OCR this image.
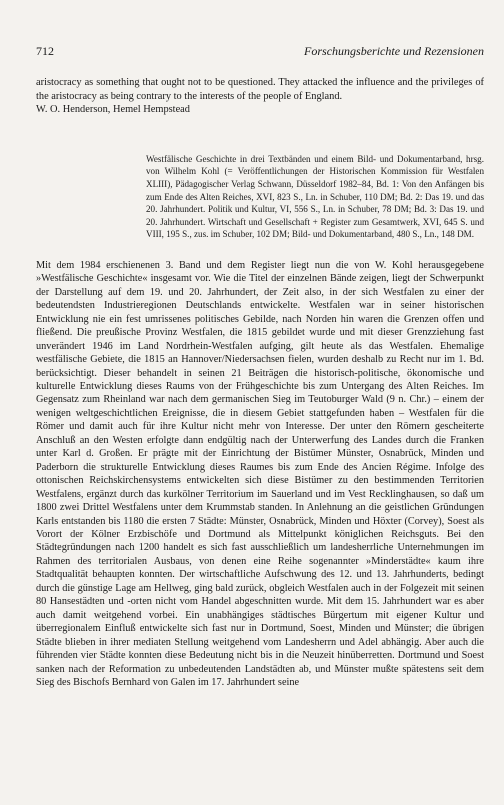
712	Forschungsberichte und Rezensionen

aristocracy as something that ought not to be questioned. They attacked the influence and the privileges of the aristocracy as being contrary to the interests of the people of England.

W. O. Henderson, Hemel Hempstead

Westfälische Geschichte in drei Textbänden und einem Bild- und Dokumentarband, hrsg. von Wilhelm Kohl (= Veröffentlichungen der Historischen Kommission für Westfalen XLIII), Pädagogischer Verlag Schwann, Düsseldorf 1982–84, Bd. 1: Von den Anfängen bis zum Ende des Alten Reiches, XVI, 823 S., Ln. in Schuber, 110 DM; Bd. 2: Das 19. und das 20. Jahrhundert. Politik und Kultur, VI, 556 S., Ln. in Schuber, 78 DM; Bd. 3: Das 19. und 20. Jahrhundert. Wirtschaft und Gesellschaft + Register zum Gesamtwerk, XVI, 645 S. und VIII, 195 S., zus. im Schuber, 102 DM; Bild- und Dokumentarband, 480 S., Ln., 148 DM.

Mit dem 1984 erschienenen 3. Band und dem Register liegt nun die von W. Kohl herausgegebene »Westfälische Geschichte« insgesamt vor. Wie die Titel der einzelnen Bände zeigen, liegt der Schwerpunkt der Darstellung auf dem 19. und 20. Jahrhundert, der Zeit also, in der sich Westfalen zu einer der bedeutendsten Industrieregionen Deutschlands entwickelte. Westfalen war in seiner historischen Entwicklung nie ein fest umrissenes politisches Gebilde, nach Norden hin waren die Grenzen offen und fließend. Die preußische Provinz Westfalen, die 1815 gebildet wurde und mit dieser Grenzziehung fast unverändert 1946 im Land Nordrhein-Westfalen aufging, gilt heute als das Westfalen. Ehemalige westfälische Gebiete, die 1815 an Hannover/Niedersachsen fielen, wurden deshalb zu Recht nur im 1. Bd. berücksichtigt. Dieser behandelt in seinen 21 Beiträgen die historisch-politische, ökonomische und kulturelle Entwicklung dieses Raums von der Frühgeschichte bis zum Untergang des Alten Reiches. Im Gegensatz zum Rheinland war nach dem germanischen Sieg im Teutoburger Wald (9 n. Chr.) – einem der wenigen weltgeschichtlichen Ereignisse, die in diesem Gebiet stattgefunden haben – Westfalen für die Römer und damit auch für ihre Kultur nicht mehr von Interesse. Der unter den Römern gescheiterte Anschluß an den Westen erfolgte dann endgültig nach der Unterwerfung des Landes durch die Franken unter Karl d. Großen. Er prägte mit der Einrichtung der Bistümer Münster, Osnabrück, Minden und Paderborn die strukturelle Entwicklung dieses Raumes bis zum Ende des Ancien Régime. Infolge des ottonischen Reichskirchensystems entwickelten sich diese Bistümer zu den bestimmenden Territorien Westfalens, ergänzt durch das kurkölner Territorium im Sauerland und im Vest Recklinghausen, so daß um 1800 zwei Drittel Westfalens unter dem Krummstab standen. In Anlehnung an die geistlichen Gründungen Karls entstanden bis 1180 die ersten 7 Städte: Münster, Osnabrück, Minden und Höxter (Corvey), Soest als Vorort der Kölner Erzbischöfe und Dortmund als Mittelpunkt königlichen Reichsguts. Bei den Städtegründungen nach 1200 handelt es sich fast ausschließlich um landesherrliche Unternehmungen im Rahmen des territorialen Ausbaus, von denen eine Reihe sogenannter »Minderstädte« kaum ihre Stadtqualität behaupten konnten. Der wirtschaftliche Aufschwung des 12. und 13. Jahrhunderts, bedingt durch die günstige Lage am Hellweg, ging bald zurück, obgleich Westfalen auch in der Folgezeit mit seinen 80 Hansestädten und -orten nicht vom Handel abgeschnitten wurde. Mit dem 15. Jahrhundert war es aber auch damit weitgehend vorbei. Ein unabhängiges städtisches Bürgertum mit eigener Kultur und überregionalem Einfluß entwickelte sich fast nur in Dortmund, Soest, Minden und Münster; die übrigen Städte blieben in ihrer mediaten Stellung weitgehend vom Landesherrn und Adel abhängig. Aber auch die führenden vier Städte konnten diese Bedeutung nicht bis in die Neuzeit hinüberretten. Dortmund und Soest sanken nach der Reformation zu unbedeutenden Landstädten ab, und Münster mußte spätestens seit dem Sieg des Bischofs Bernhard von Galen im 17. Jahrhundert seine
